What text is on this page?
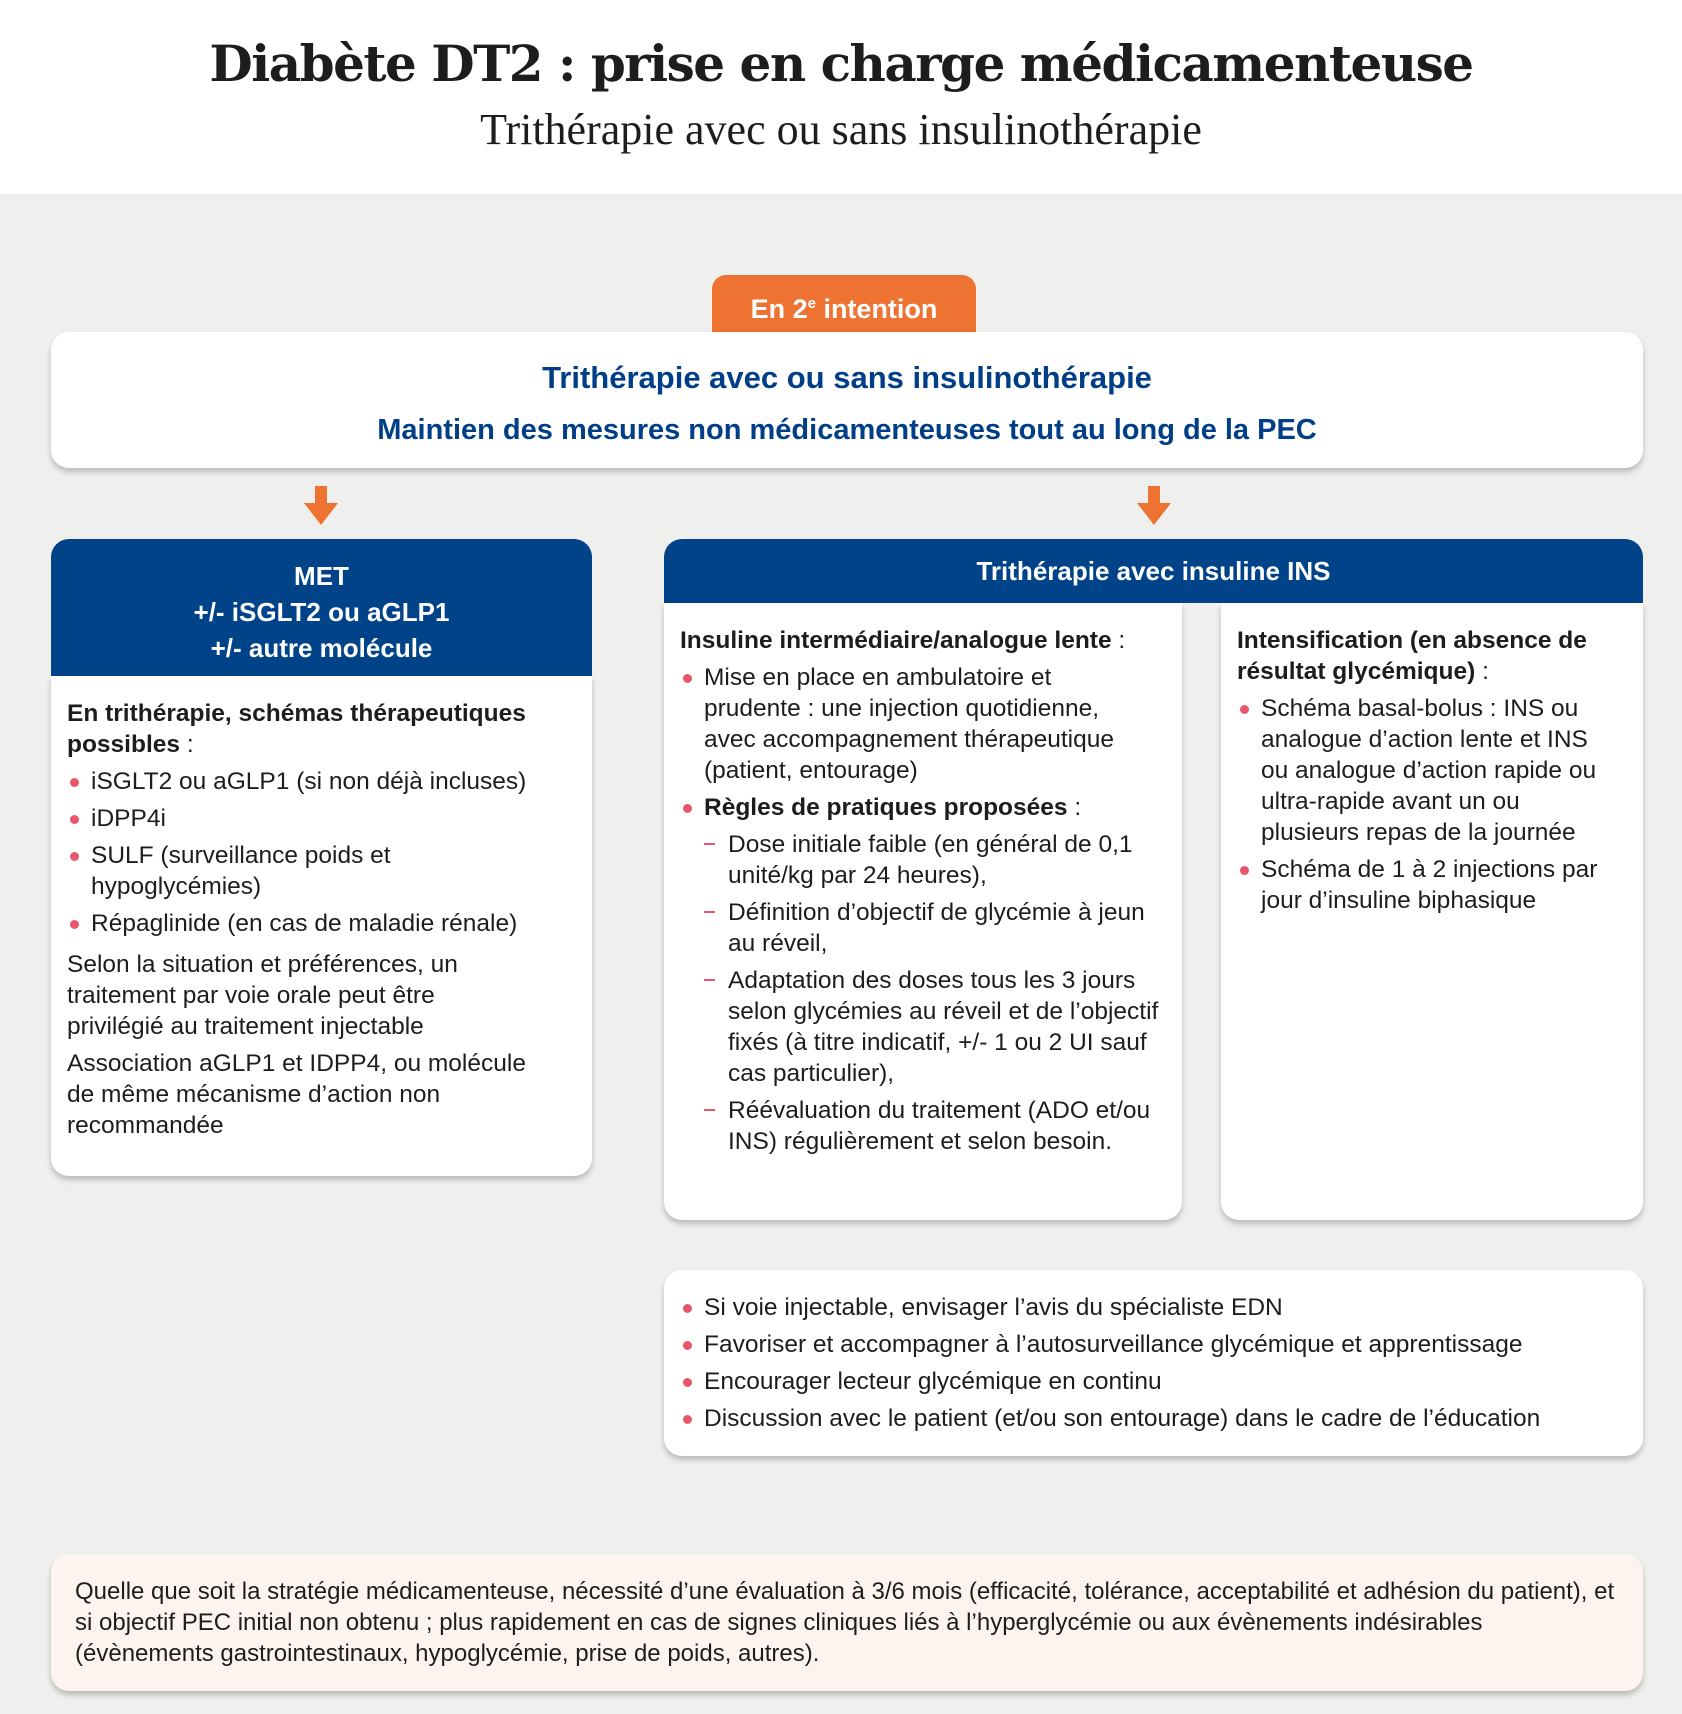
Diabète DT2 : prise en charge médicamenteuse
Trithérapie avec ou sans insulinothérapie
En 2e intention
Trithérapie avec ou sans insulinothérapie
Maintien des mesures non médicamenteuses tout au long de la PEC
MET
+/- iSGLT2 ou aGLP1
+/- autre molécule
En trithérapie, schémas thérapeutiques possibles :
iSGLT2 ou aGLP1 (si non déjà incluses)
iDPP4i
SULF (surveillance poids et hypoglycémies)
Répaglinide (en cas de maladie rénale)

Selon la situation et préférences, un traitement par voie orale peut être privilégié au traitement injectable

Association aGLP1 et IDPP4, ou molécule de même mécanisme d’action non recommandée

Trithérapie avec insuline INS
Insuline intermédiaire/analogue lente :
Mise en place en ambulatoire et prudente : une injection quotidienne, avec accompagnement thérapeutique (patient, entourage)
Règles de pratiques proposées :
Dose initiale faible (en général de 0,1 unité/kg par 24 heures),
Définition d’objectif de glycémie à jeun au réveil,
Adaptation des doses tous les 3 jours selon glycémies au réveil et de l’objectif fixés (à titre indicatif, +/- 1 ou 2 UI sauf cas particulier),
Réévaluation du traitement (ADO et/ou INS) régulièrement et selon besoin.
Intensification (en absence de résultat glycémique) :
Schéma basal-bolus : INS ou analogue d’action lente et INS ou analogue d’action rapide ou ultra-rapide avant un ou plusieurs repas de la journée
Schéma de 1 à 2 injections par jour d’insuline biphasique
Si voie injectable, envisager l’avis du spécialiste EDN
Favoriser et accompagner à l’autosurveillance glycémique et apprentissage
Encourager lecteur glycémique en continu
Discussion avec le patient (et/ou son entourage) dans le cadre de l’éducation

Quelle que soit la stratégie médicamenteuse, nécessité d’une évaluation à 3/6 mois (efficacité, tolérance, acceptabilité et adhésion du patient), et si objectif PEC initial non obtenu ; plus rapidement en cas de signes cliniques liés à l’hyperglycémie ou aux évènements indésirables (évènements gastrointestinaux, hypoglycémie, prise de poids, autres).
